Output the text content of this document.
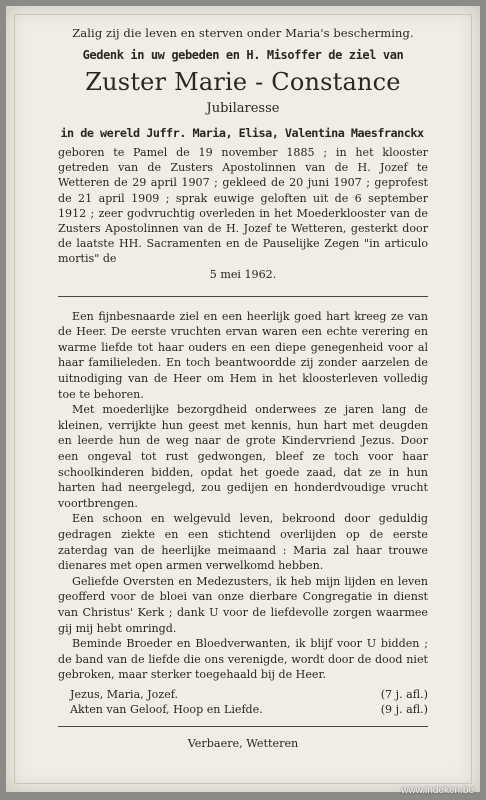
Zalig zij die leven en sterven onder Maria's bescherming.
Gedenk in uw gebeden en H. Misoffer de ziel van
Zuster Marie - Constance
Jubilaresse
in de wereld Juffr. Maria, Elisa, Valentina Maesfranckx
geboren te Pamel de 19 november 1885 ; in het klooster getreden van de Zusters Apostolinnen van de H. Jozef te Wetteren de 29 april 1907 ; gekleed de 20 juni 1907 ; geprofest de 21 april 1909 ; sprak euwige geloften uit de 6 september 1912 ; zeer godvruchtig overleden in het Moederklooster van de Zusters Apostolinnen van de H. Jozef te Wetteren, gesterkt door de laatste HH. Sacramenten en de Pauselijke Zegen "in articulo mortis" de
5 mei 1962.

Een fijnbesnaarde ziel en een heerlijk goed hart kreeg ze van de Heer. De eerste vruchten ervan waren een echte verering en warme liefde tot haar ouders en een diepe genegenheid voor al haar familieleden. En toch beantwoordde zij zonder aarzelen de uitnodiging van de Heer om Hem in het kloosterleven volledig toe te behoren.

Met moederlijke bezorgdheid onderwees ze jaren lang de kleinen, verrijkte hun geest met kennis, hun hart met deugden en leerde hun de weg naar de grote Kindervriend Jezus. Door een ongeval tot rust gedwongen, bleef ze toch voor haar schoolkinderen bidden, opdat het goede zaad, dat ze in hun harten had neergelegd, zou gedijen en honderdvoudige vrucht voortbrengen.

Een schoon en welgevuld leven, bekroond door geduldig gedragen ziekte en een stichtend overlijden op de eerste zaterdag van de heerlijke meimaand : Maria zal haar trouwe dienares met open armen verwelkomd hebben.

Geliefde Oversten en Medezusters, ik heb mijn lijden en leven geofferd voor de bloei van onze dierbare Congregatie in dienst van Christus' Kerk ; dank U voor de liefdevolle zorgen waarmee gij mij hebt omringd.

Beminde Broeder en Bloedverwanten, ik blijf voor U bidden ; de band van de liefde die ons verenigde, wordt door de dood niet gebroken, maar sterker toegehaald bij de Heer.

Jezus, Maria, Jozef.	(7 j. afl.)
Akten van Geloof, Hoop en Liefde.	(9 j. afl.)
Verbaere, Wetteren
www.indeken.be
